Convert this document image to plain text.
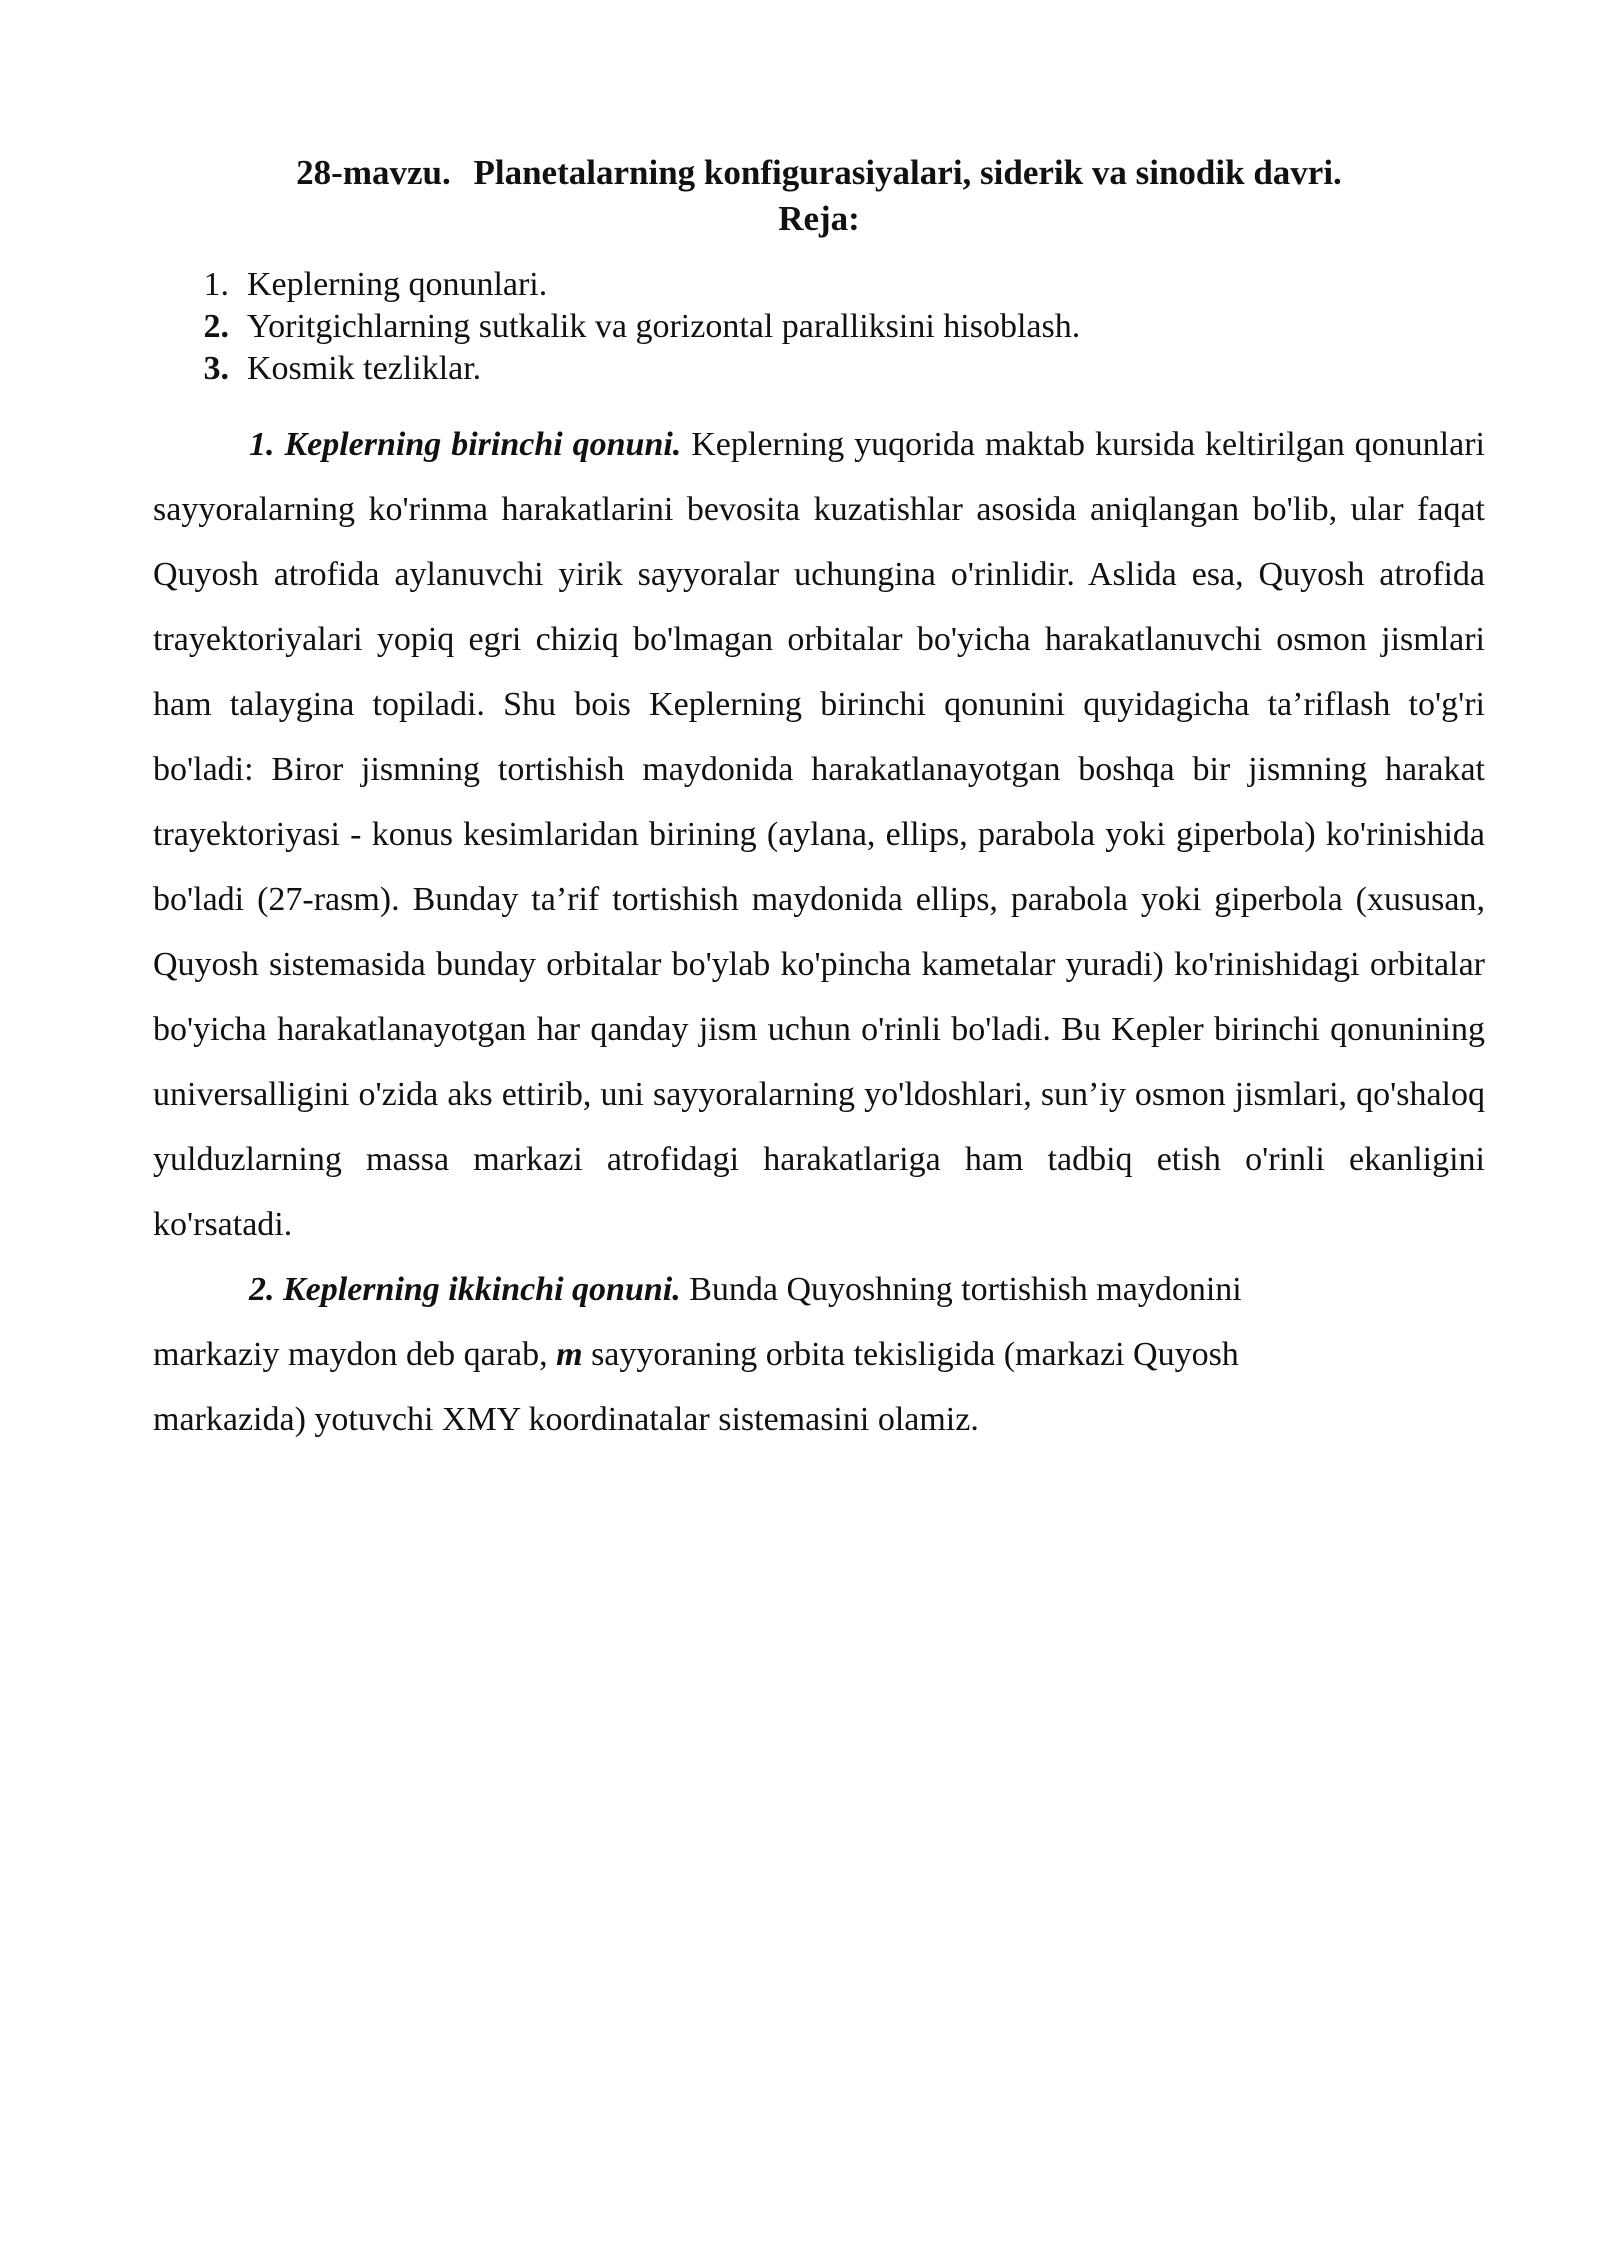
28-mavzu. Planetalarning konfigurasiyalari, siderik va sinodik davri.

Reja:

1. Keplerning qonunlari.
2. Yoritgichlarning sutkalik va gorizontal paralliksini hisoblash.
3. Kosmik tezliklar.

1. Keplerning birinchi qonuni. Keplerning yuqorida maktab kursida keltirilgan qonunlari sayyoralarning ko'rinma harakatlarini bevosita kuzatishlar asosida aniqlangan bo'lib, ular faqat Quyosh atrofida aylanuvchi yirik sayyoralar uchungina o'rinlidir. Aslida esa, Quyosh atrofida trayektoriyalari yopiq egri chiziq bo'lmagan orbitalar bo'yicha harakatlanuvchi osmon jismlari ham talaygina topiladi. Shu bois Keplerning birinchi qonunini quyidagicha ta’riflash to'g'ri bo'ladi: Biror jismning tortishish maydonida harakatlanayotgan boshqa bir jismning harakat trayektoriyasi - konus kesimlaridan birining (aylana, ellips, parabola yoki giperbola) ko'rinishida bo'ladi (27-rasm). Bunday ta’rif tortishish maydonida ellips, parabola yoki giperbola (xususan, Quyosh sistemasida bunday orbitalar bo'ylab ko'pincha kametalar yuradi) ko'rinishidagi orbitalar bo'yicha harakatlanayotgan har qanday jism uchun o'rinli bo'ladi. Bu Kepler birinchi qonunining universalligini o'zida aks ettirib, uni sayyoralarning yo'ldoshlari, sun’iy osmon jismlari, qo'shaloq yulduzlarning massa markazi atrofidagi harakatlariga ham tadbiq etish o'rinli ekanligini ko'rsatadi.

2. Keplerning ikkinchi qonuni. Bunda Quyoshning tortishish maydonini markaziy maydon deb qarab, m sayyoraning orbita tekisligida (markazi Quyosh markazida) yotuvchi XMY koordinatalar sistemasini olamiz.
